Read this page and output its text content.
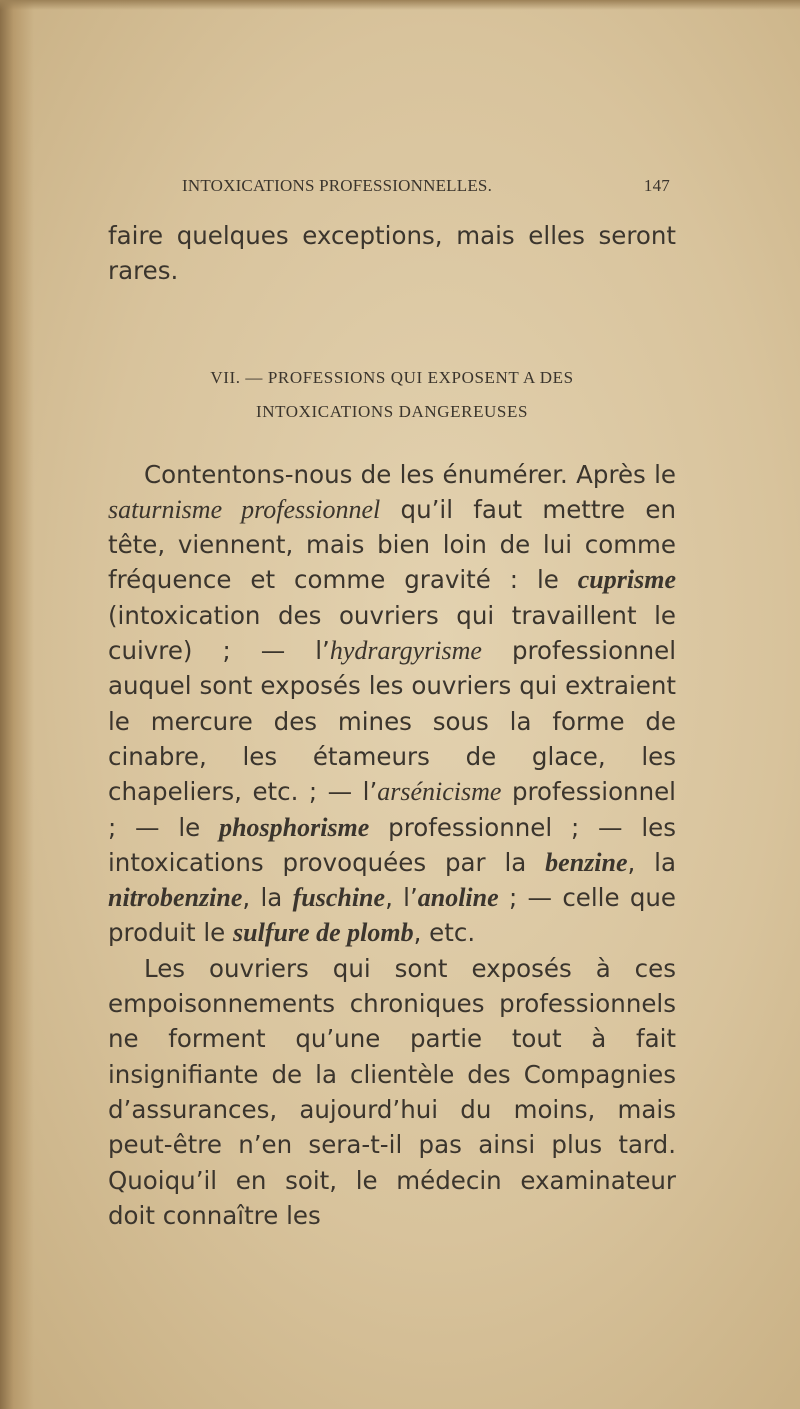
INTOXICATIONS PROFESSIONNELLES.	147

faire quelques exceptions, mais elles seront rares.

VII. — PROFESSIONS QUI EXPOSENT A DES
INTOXICATIONS DANGEREUSES

Contentons-nous de les énumérer. Après le saturnisme professionnel qu’il faut mettre en tête, viennent, mais bien loin de lui comme fréquence et comme gravité : le cuprisme (intoxication des ouvriers qui travaillent le cuivre) ; — l’hydrargyrisme professionnel auquel sont exposés les ouvriers qui extraient le mercure des mines sous la forme de cinabre, les étameurs de glace, les chapeliers, etc. ; — l’arsénicisme professionnel ; — le phosphorisme professionnel ; — les intoxications provoquées par la benzine, la nitrobenzine, la fuschine, l’anoline ; — celle que produit le sulfure de plomb, etc.

Les ouvriers qui sont exposés à ces empoisonnements chroniques professionnels ne forment qu’une partie tout à fait insignifiante de la clientèle des Compagnies d’assurances, aujourd’hui du moins, mais peut-être n’en sera-t-il pas ainsi plus tard. Quoiqu’il en soit, le médecin examinateur doit connaître les
